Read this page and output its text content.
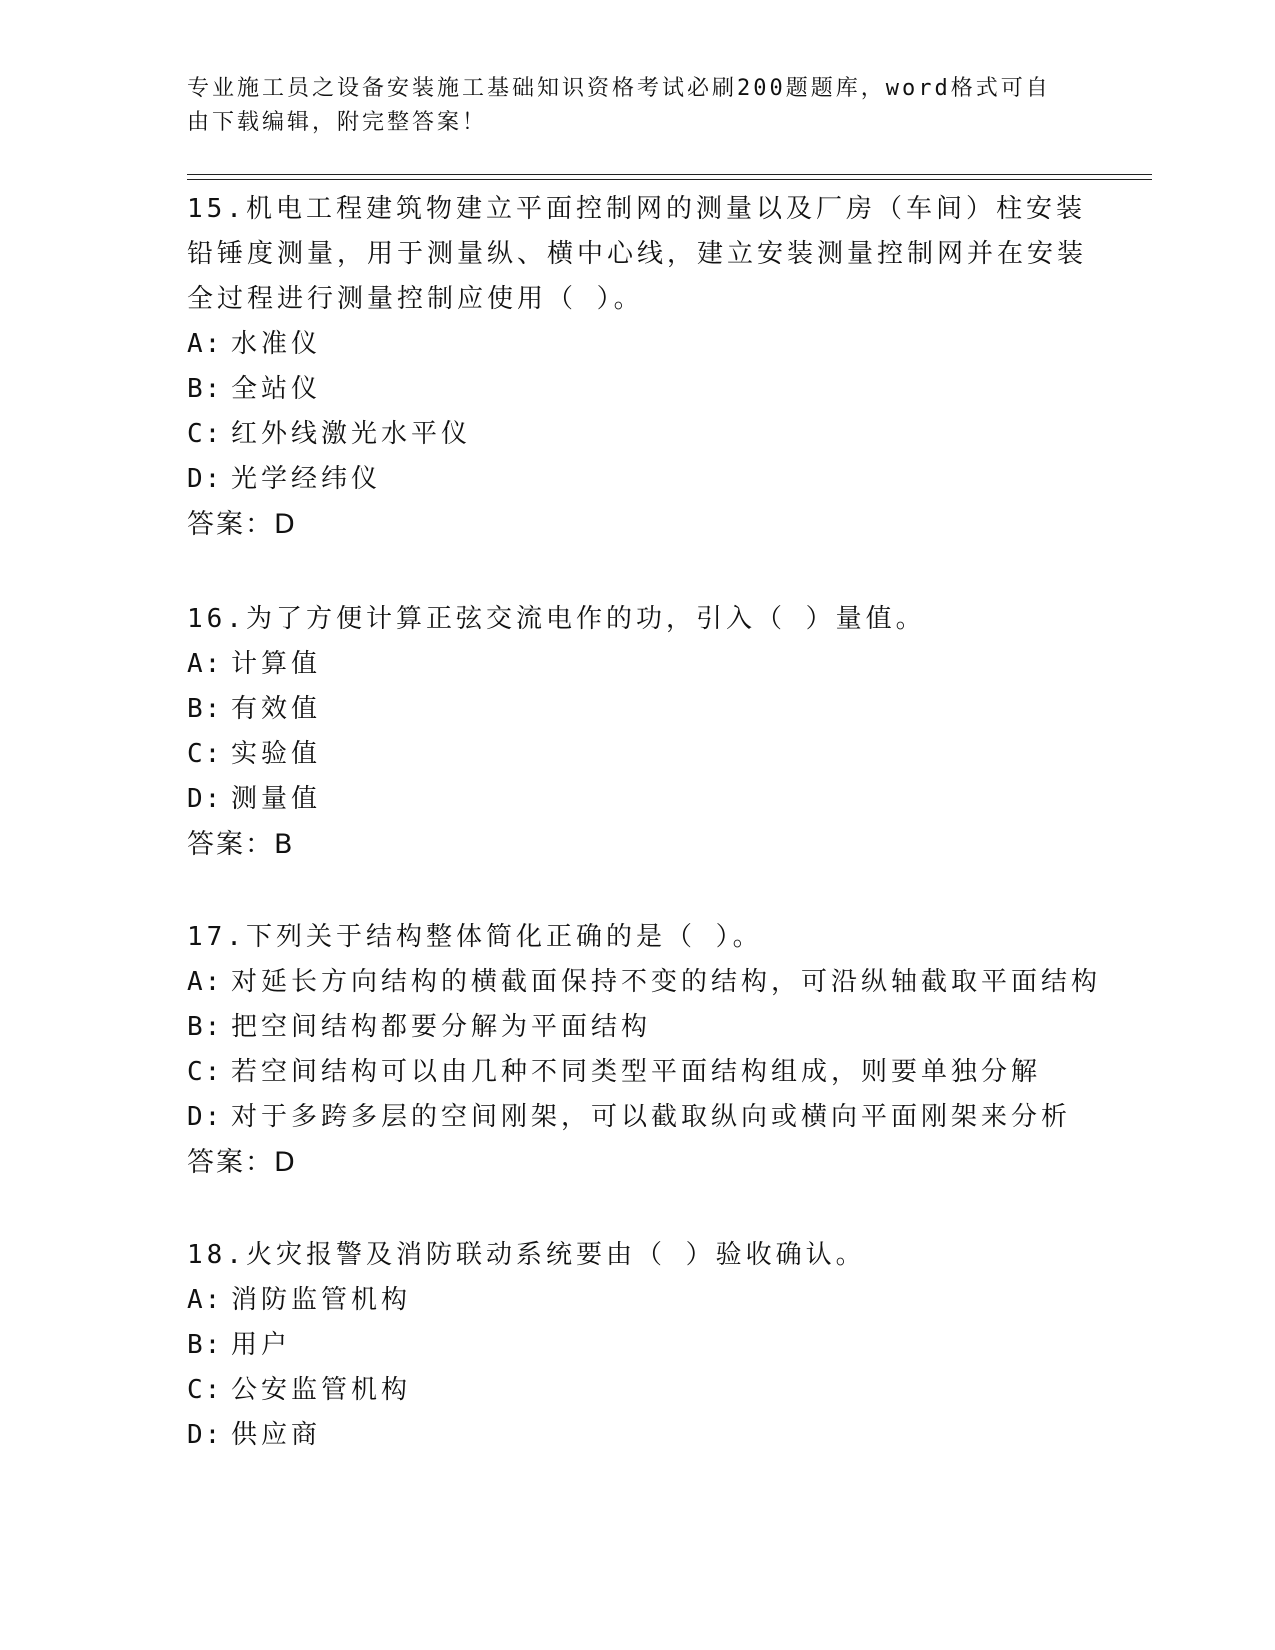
专业施工员之设备安装施工基础知识资格考试必刷200题题库，word格式可自由下载编辑，附完整答案！

15.机电工程建筑物建立平面控制网的测量以及厂房（车间）柱安装铅锤度测量，用于测量纵、横中心线，建立安装测量控制网并在安装全过程进行测量控制应使用（ ）。

A: 水准仪
B: 全站仪
C: 红外线激光水平仪
D: 光学经纬仪
答案：D

16.为了方便计算正弦交流电作的功，引入（ ）量值。

A: 计算值
B: 有效值
C: 实验值
D: 测量值
答案：B

17.下列关于结构整体简化正确的是（ ）。

A: 对延长方向结构的横截面保持不变的结构，可沿纵轴截取平面结构
B: 把空间结构都要分解为平面结构
C: 若空间结构可以由几种不同类型平面结构组成，则要单独分解
D: 对于多跨多层的空间刚架，可以截取纵向或横向平面刚架来分析
答案：D

18.火灾报警及消防联动系统要由（ ）验收确认。

A: 消防监管机构
B: 用户
C: 公安监管机构
D: 供应商
